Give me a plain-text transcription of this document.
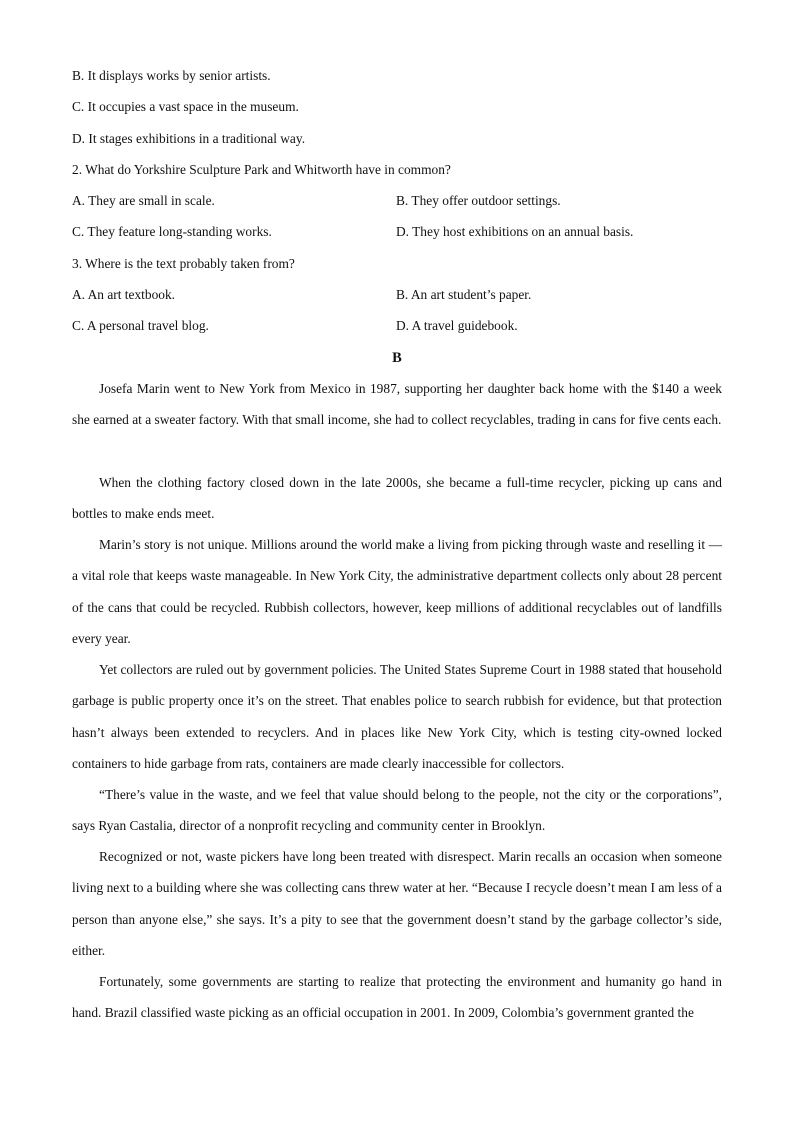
B. It displays works by senior artists.
C. It occupies a vast space in the museum.
D. It stages exhibitions in a traditional way.
2. What do Yorkshire Sculpture Park and Whitworth have in common?
A. They are small in scale.	B. They offer outdoor settings.
C. They feature long-standing works.	D. They host exhibitions on an annual basis.
3. Where is the text probably taken from?
A. An art textbook.	B. An art student’s paper.
C. A personal travel blog.	D. A travel guidebook.
B

Josefa Marin went to New York from Mexico in 1987, supporting her daughter back home with the $140 a week she earned at a sweater factory. With that small income, she had to collect recyclables, trading in cans for five cents each.

When the clothing factory closed down in the late 2000s, she became a full-time recycler, picking up cans and bottles to make ends meet.

Marin’s story is not unique. Millions around the world make a living from picking through waste and reselling it — a vital role that keeps waste manageable. In New York City, the administrative department collects only about 28 percent of the cans that could be recycled. Rubbish collectors, however, keep millions of additional recyclables out of landfills every year.

Yet collectors are ruled out by government policies. The United States Supreme Court in 1988 stated that household garbage is public property once it’s on the street. That enables police to search rubbish for evidence, but that protection hasn’t always been extended to recyclers. And in places like New York City, which is testing city-owned locked containers to hide garbage from rats, containers are made clearly inaccessible for collectors.

“There’s value in the waste, and we feel that value should belong to the people, not the city or the corporations”, says Ryan Castalia, director of a nonprofit recycling and community center in Brooklyn.

Recognized or not, waste pickers have long been treated with disrespect. Marin recalls an occasion when someone living next to a building where she was collecting cans threw water at her. “Because I recycle doesn’t mean I am less of a person than anyone else,” she says. It’s a pity to see that the government doesn’t stand by the garbage collector’s side, either.

Fortunately, some governments are starting to realize that protecting the environment and humanity go hand in hand. Brazil classified waste picking as an official occupation in 2001. In 2009, Colombia’s government granted the
